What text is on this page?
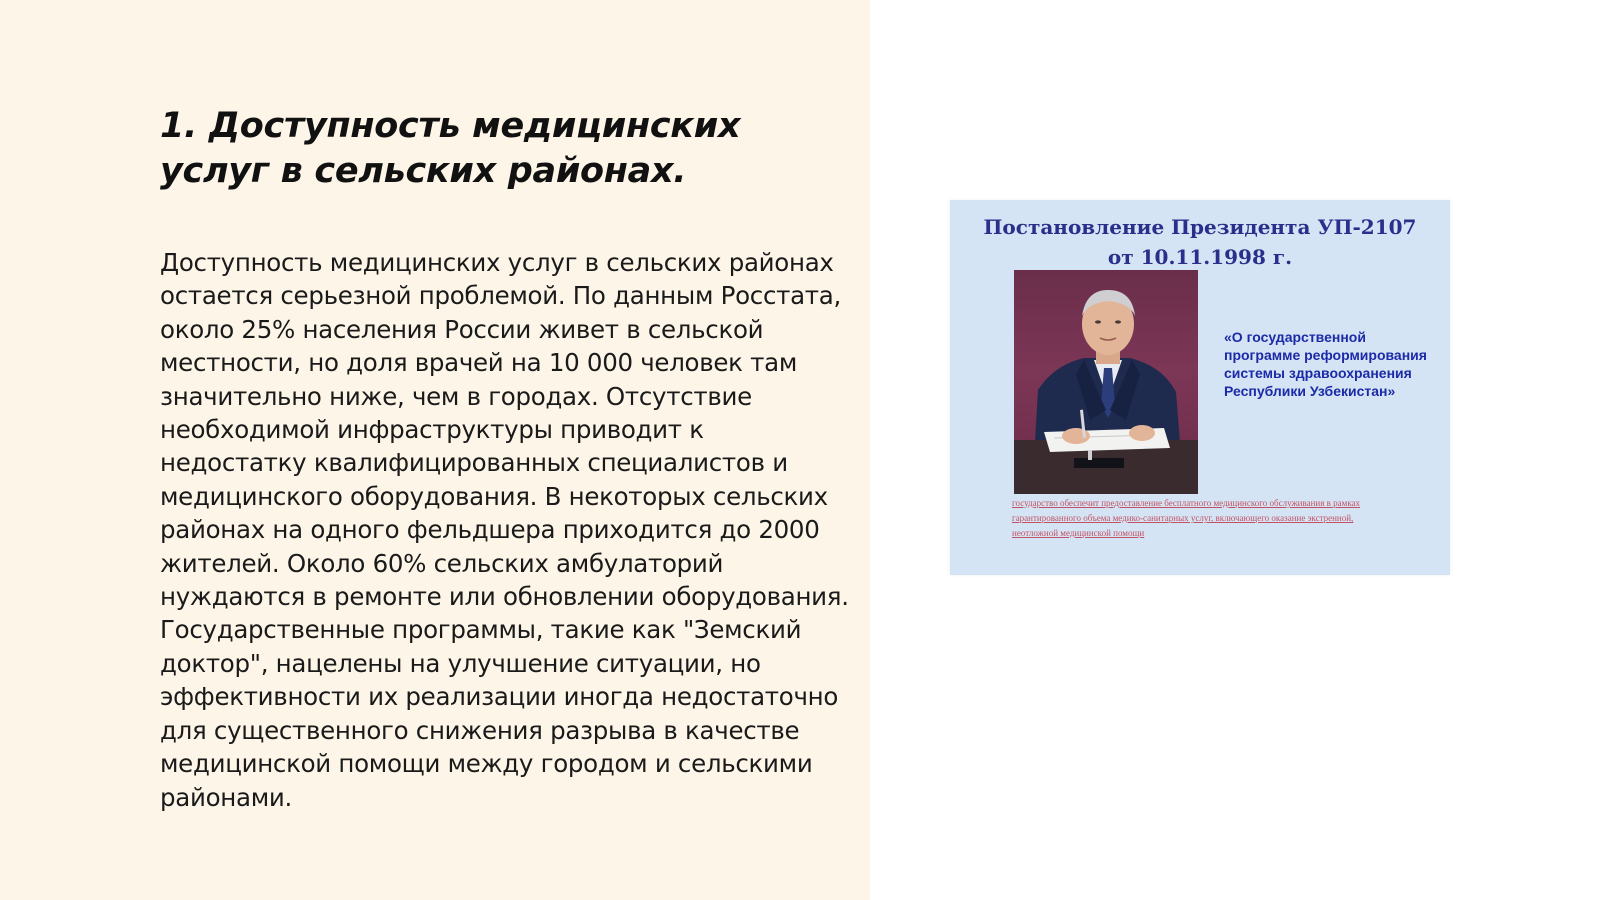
1. Доступность медицинских услуг в сельских районах.

Доступность медицинских услуг в сельских районах остается серьезной проблемой. По данным Росстата, около 25% населения России живет в сельской местности, но доля врачей на 10 000 человек там значительно ниже, чем в городах. Отсутствие необходимой инфраструктуры приводит к недостатку квалифицированных специалистов и медицинского оборудования. В некоторых сельских районах на одного фельдшера приходится до 2000 жителей. Около 60% сельских амбулаторий нуждаются в ремонте или обновлении оборудования. Государственные программы, такие как "Земский доктор", нацелены на улучшение ситуации, но эффективности их реализации иногда недостаточно для существенного снижения разрыва в качестве медицинской помощи между городом и сельскими районами.

Постановление Президента УП-2107
от 10.11.1998 г.
«О государственной программе реформирования системы здравоохранения Республики Узбекистан»
государство обеспечит предоставление бесплатного медицинского обслуживания в рамках гарантированного объема медико-санитарных услуг, включающего оказание экстренной, неотложной медицинской помощи
